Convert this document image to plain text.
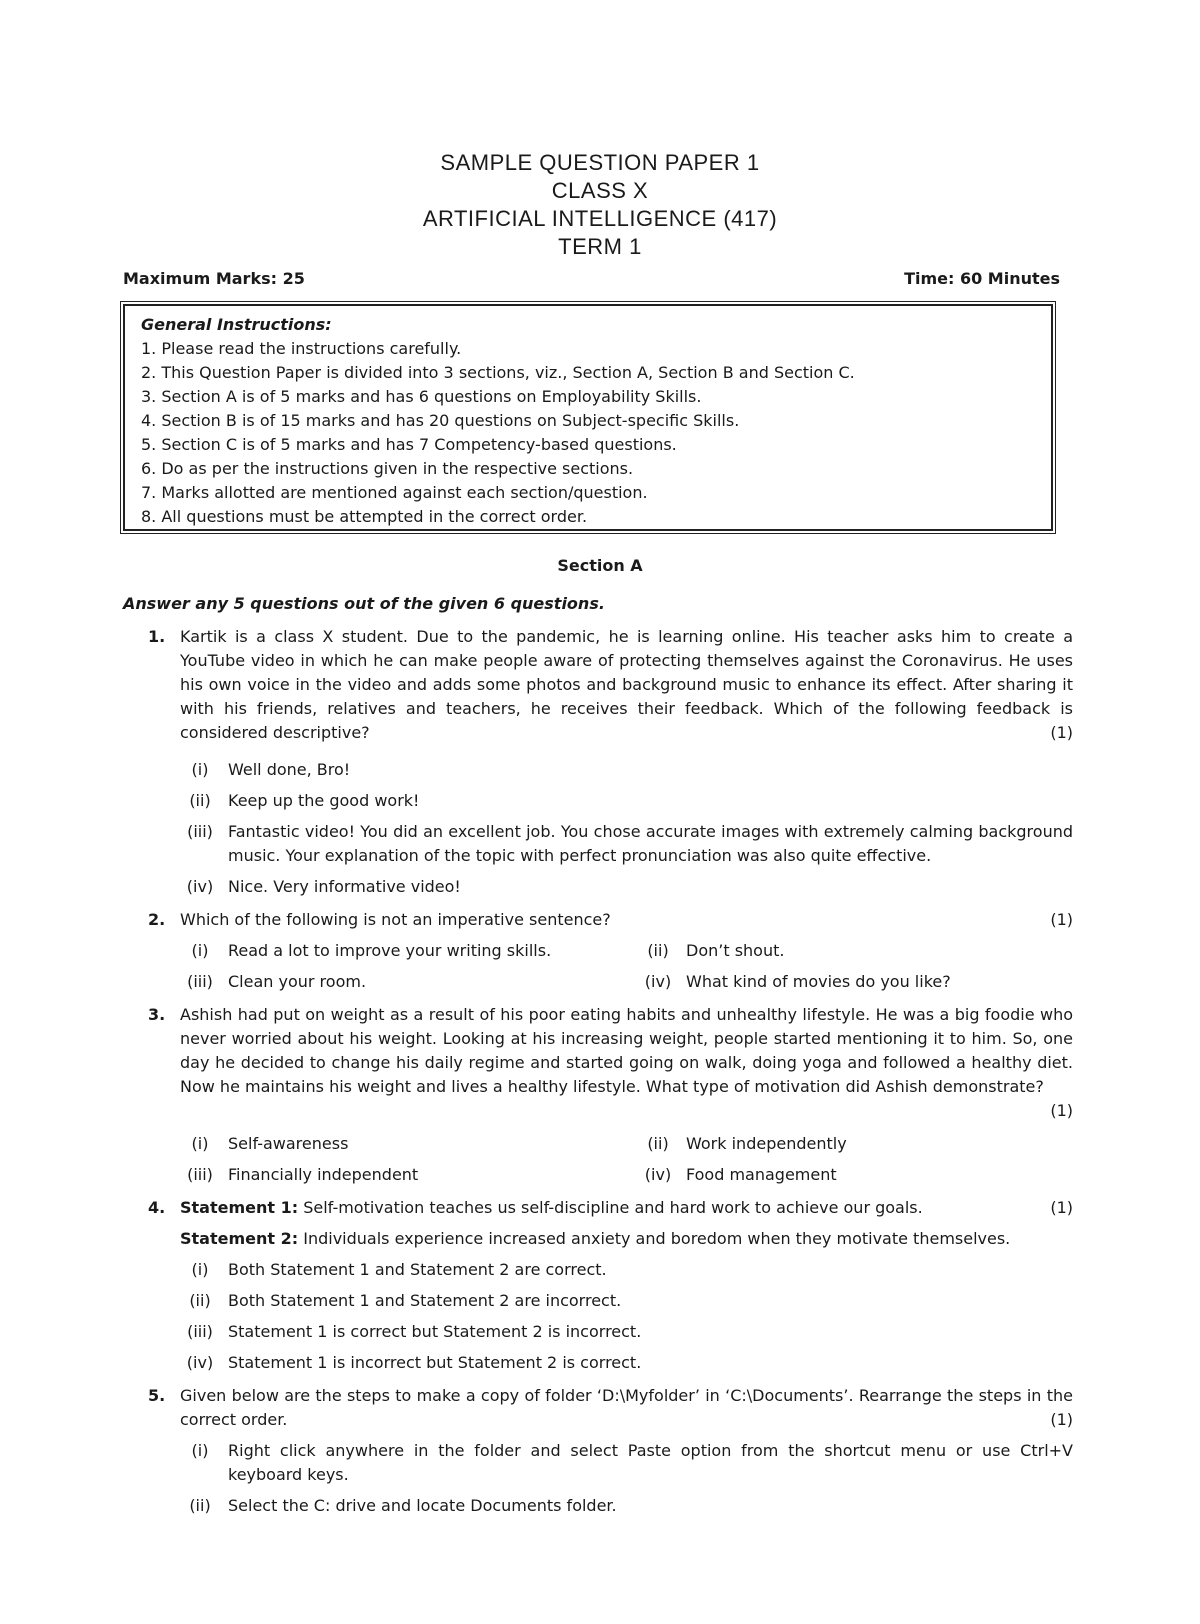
SAMPLE QUESTION PAPER 1
CLASS X
ARTIFICIAL INTELLIGENCE (417)
TERM 1
Maximum Marks: 25	Time: 60 Minutes
General Instructions:
1. Please read the instructions carefully.
2. This Question Paper is divided into 3 sections, viz., Section A, Section B and Section C.
3. Section A is of 5 marks and has 6 questions on Employability Skills.
4. Section B is of 15 marks and has 20 questions on Subject-specific Skills.
5. Section C is of 5 marks and has 7 Competency-based questions.
6. Do as per the instructions given in the respective sections.
7. Marks allotted are mentioned against each section/question.
8. All questions must be attempted in the correct order.
Section A
Answer any 5 questions out of the given 6 questions.
1. Kartik is a class X student. Due to the pandemic, he is learning online. His teacher asks him to create a YouTube video in which he can make people aware of protecting themselves against the Coronavirus. He uses his own voice in the video and adds some photos and background music to enhance its effect. After sharing it with his friends, relatives and teachers, he receives their feedback. Which of the following feedback is considered descriptive?	(1)
(i)	Well done, Bro!
(ii)	Keep up the good work!
(iii) Fantastic video! You did an excellent job. You chose accurate images with extremely calming background music. Your explanation of the topic with perfect pronunciation was also quite effective.
(iv) Nice. Very informative video!
2. Which of the following is not an imperative sentence?	(1)
(i)	Read a lot to improve your writing skills.	(ii)	Don’t shout.
(iii) Clean your room.	(iv) What kind of movies do you like?
3. Ashish had put on weight as a result of his poor eating habits and unhealthy lifestyle. He was a big foodie who never worried about his weight. Looking at his increasing weight, people started mentioning it to him. So, one day he decided to change his daily regime and started going on walk, doing yoga and followed a healthy diet. Now he maintains his weight and lives a healthy lifestyle. What type of motivation did Ashish demonstrate?
(1)
(i)	Self-awareness	(ii)	Work independently
(iii) Financially independent	(iv) Food management
4. Statement 1: Self-motivation teaches us self-discipline and hard work to achieve our goals.	(1)
Statement 2: Individuals experience increased anxiety and boredom when they motivate themselves.
(i)	Both Statement 1 and Statement 2 are correct.
(ii)	Both Statement 1 and Statement 2 are incorrect.
(iii) Statement 1 is correct but Statement 2 is incorrect.
(iv) Statement 1 is incorrect but Statement 2 is correct.
5. Given below are the steps to make a copy of folder ‘D:\Myfolder’ in ‘C:\Documents’. Rearrange the steps in the correct order.	(1)
(i)	Right click anywhere in the folder and select Paste option from the shortcut menu or use Ctrl+V keyboard keys.
(ii)	Select the C: drive and locate Documents folder.
